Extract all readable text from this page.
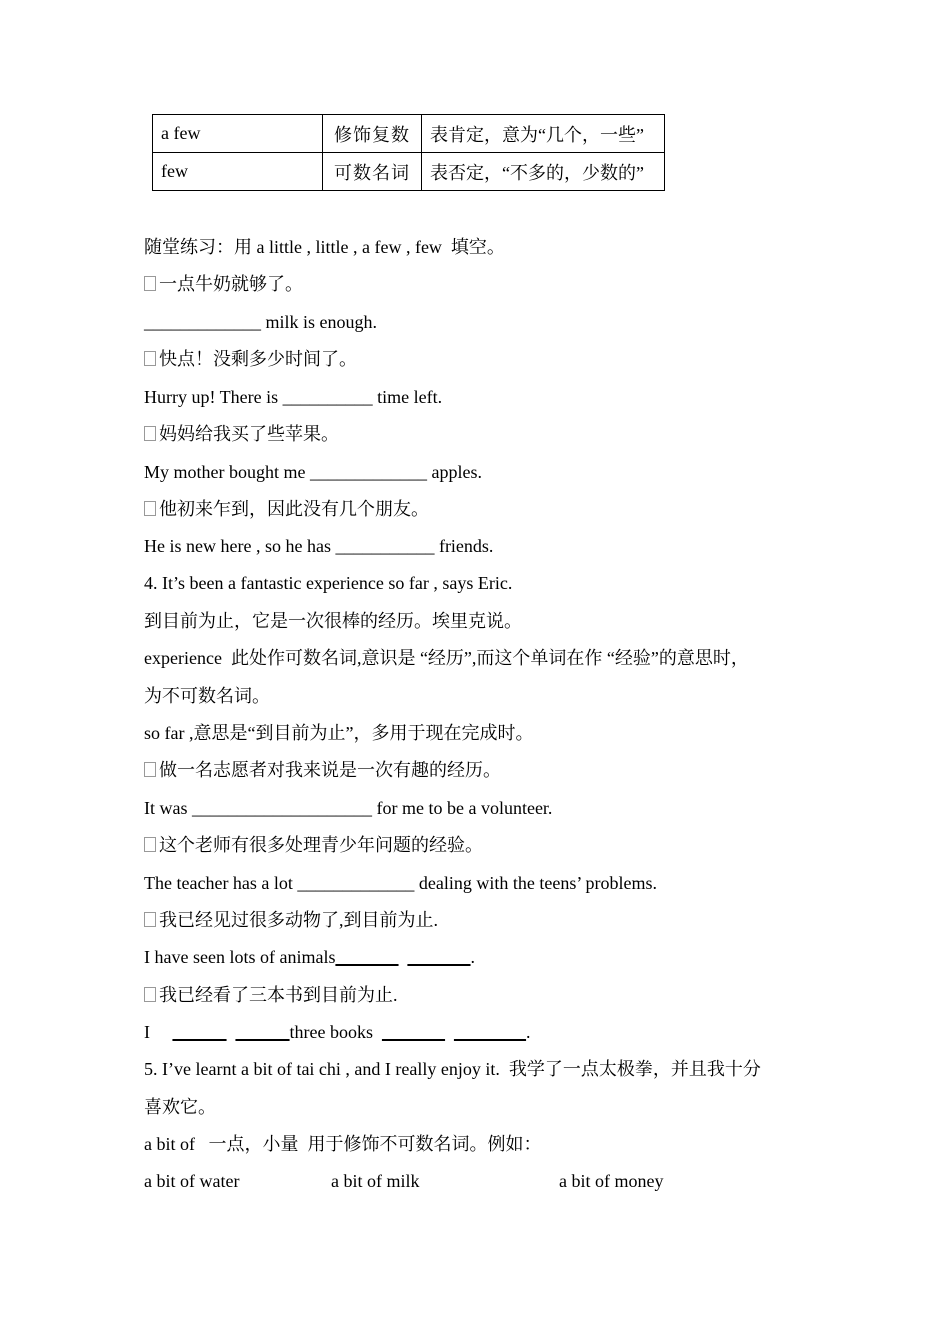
a few	修饰复数	表肯定，意为“几个，一些”
few	可数名词	表否定，“不多的，少数的”
随堂练习：用 a little , little , a few , few  填空。
一点牛奶就够了。
_____________ milk is enough.
快点！没剩多少时间了。
Hurry up! There is __________ time left.
妈妈给我买了些苹果。
My mother bought me _____________ apples.
他初来乍到，因此没有几个朋友。
He is new here , so he has ___________ friends.
4. It’s been a fantastic experience so far , says Eric.
到目前为止，它是一次很棒的经历。埃里克说。
experience  此处作可数名词,意识是 “经历”,而这个单词在作 “经验”的意思时，
为不可数名词。
so far ,意思是“到目前为止”，多用于现在完成时。
做一名志愿者对我来说是一次有趣的经历。
It was ____________________ for me to be a volunteer.
这个老师有很多处理青少年问题的经验。
The teacher has a lot _____________ dealing with the teens’ problems.
我已经见过很多动物了,到目前为止.
I have seen lots of animals_______ _______.
我已经看了三本书到目前为止.
I ______ ______three books _______ ________.
5. I’ve learnt a bit of tai chi , and I really enjoy it.  我学了一点太极拳，并且我十分
喜欢它。
a bit of   一点，小量  用于修饰不可数名词。例如：
a bit of water	a bit of milk	a bit of money
